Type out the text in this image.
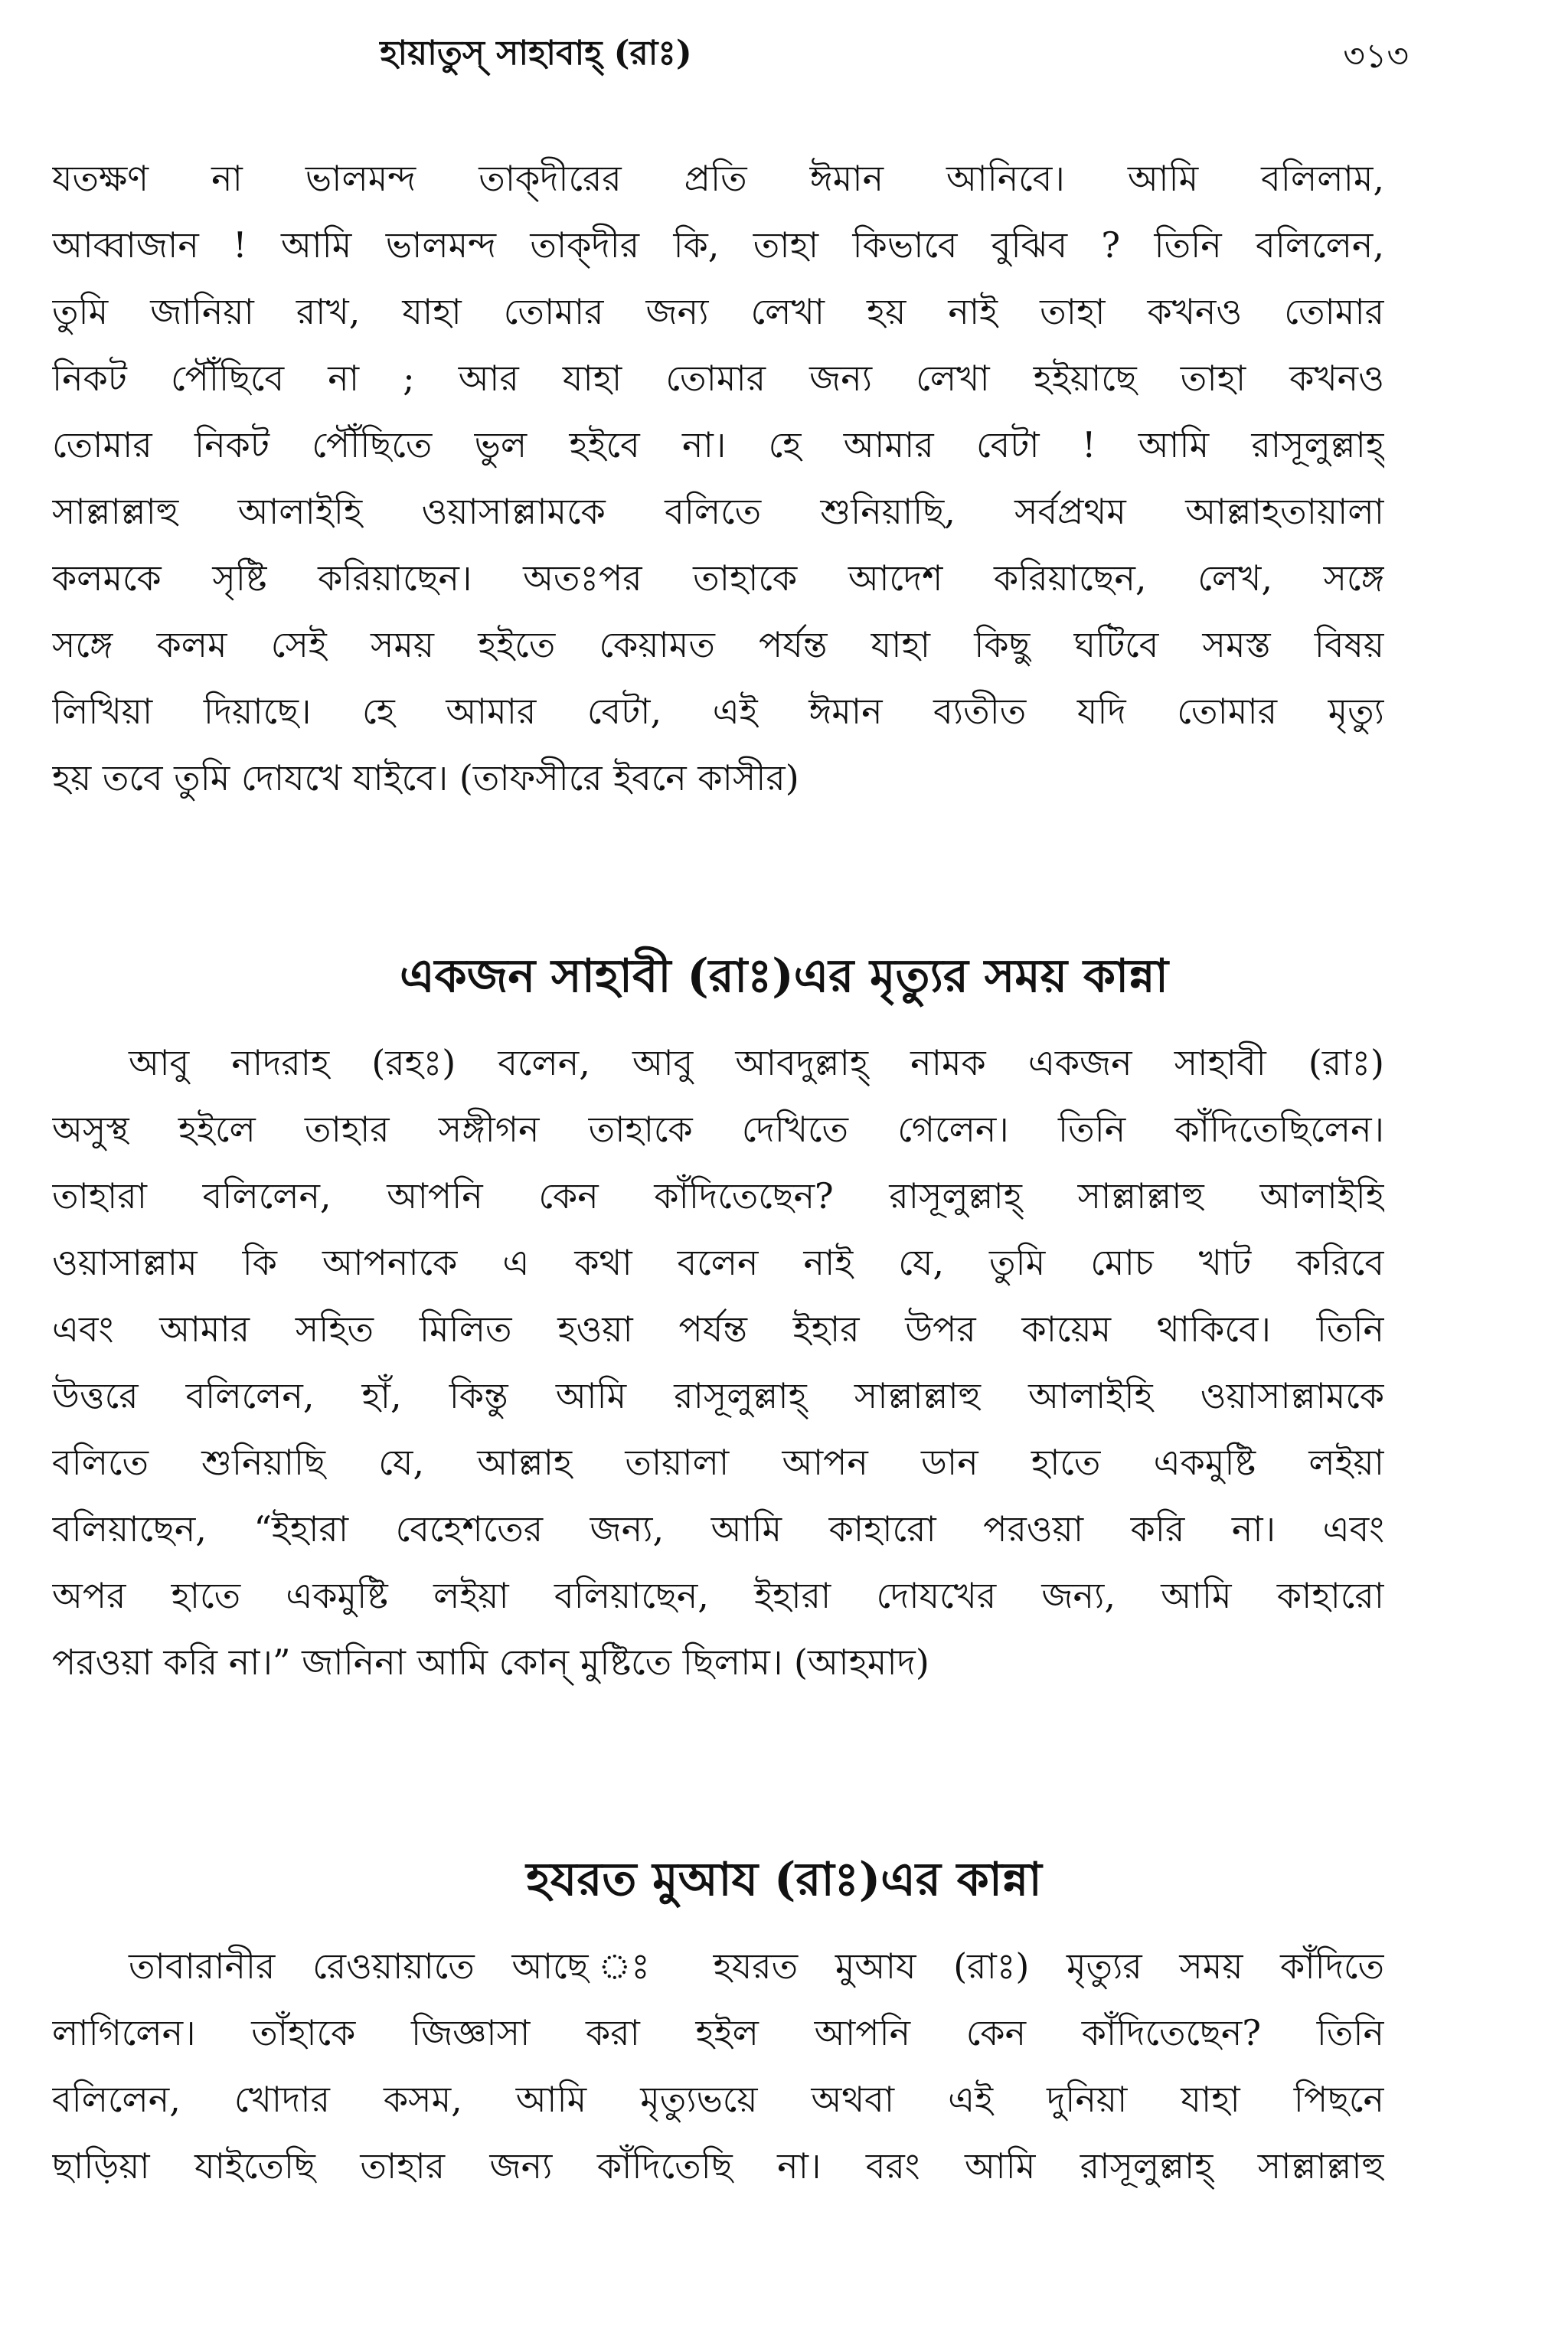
হায়াতুস্ সাহাবাহ্ (রাঃ)	৩১৩
যতক্ষণ না ভালমন্দ তাক্দীরের প্রতি ঈমান আনিবে। আমি বলিলাম,
আব্বাজান ! আমি ভালমন্দ তাক্দীর কি, তাহা কিভাবে বুঝিব ? তিনি বলিলেন,
তুমি জানিয়া রাখ, যাহা তোমার জন্য লেখা হয় নাই তাহা কখনও তোমার
নিকট পৌঁছিবে না ; আর যাহা তোমার জন্য লেখা হইয়াছে তাহা কখনও
তোমার নিকট পৌঁছিতে ভুল হইবে না। হে আমার বেটা ! আমি রাসূলুল্লাহ্
সাল্লাল্লাহু আলাইহি ওয়াসাল্লামকে বলিতে শুনিয়াছি, সর্বপ্রথম আল্লাহতায়ালা
কলমকে সৃষ্টি করিয়াছেন। অতঃপর তাহাকে আদেশ করিয়াছেন, লেখ, সঙ্গে
সঙ্গে কলম সেই সময় হইতে কেয়ামত পর্যন্ত যাহা কিছু ঘটিবে সমস্ত বিষয়
লিখিয়া দিয়াছে। হে আমার বেটা, এই ঈমান ব্যতীত যদি তোমার মৃত্যু
হয় তবে তুমি দোযখে যাইবে। (তাফসীরে ইবনে কাসীর)
একজন সাহাবী (রাঃ)এর মৃত্যুর সময় কান্না
আবু নাদরাহ (রহঃ) বলেন, আবু আবদুল্লাহ্ নামক একজন সাহাবী (রাঃ)
অসুস্থ হইলে তাহার সঙ্গীগন তাহাকে দেখিতে গেলেন। তিনি কাঁদিতেছিলেন।
তাহারা বলিলেন, আপনি কেন কাঁদিতেছেন? রাসূলুল্লাহ্ সাল্লাল্লাহু আলাইহি
ওয়াসাল্লাম কি আপনাকে এ কথা বলেন নাই যে, তুমি মোচ খাট করিবে
এবং আমার সহিত মিলিত হওয়া পর্যন্ত ইহার উপর কায়েম থাকিবে। তিনি
উত্তরে বলিলেন, হাঁ, কিন্তু আমি রাসূলুল্লাহ্ সাল্লাল্লাহু আলাইহি ওয়াসাল্লামকে
বলিতে শুনিয়াছি যে, আল্লাহ তায়ালা আপন ডান হাতে একমুষ্টি লইয়া
বলিয়াছেন, “ইহারা বেহেশতের জন্য, আমি কাহারো পরওয়া করি না। এবং
অপর হাতে একমুষ্টি লইয়া বলিয়াছেন, ইহারা দোযখের জন্য, আমি কাহারো
পরওয়া করি না।” জানিনা আমি কোন্ মুষ্টিতে ছিলাম। (আহমাদ)
হযরত মুআয (রাঃ)এর কান্না
তাবারানীর রেওয়ায়াতে আছে ঃ হযরত মুআয (রাঃ) মৃত্যুর সময় কাঁদিতে
লাগিলেন। তাঁহাকে জিজ্ঞাসা করা হইল আপনি কেন কাঁদিতেছেন? তিনি
বলিলেন, খোদার কসম, আমি মৃত্যুভয়ে অথবা এই দুনিয়া যাহা পিছনে
ছাড়িয়া যাইতেছি তাহার জন্য কাঁদিতেছি না। বরং আমি রাসূলুল্লাহ্ সাল্লাল্লাহু
